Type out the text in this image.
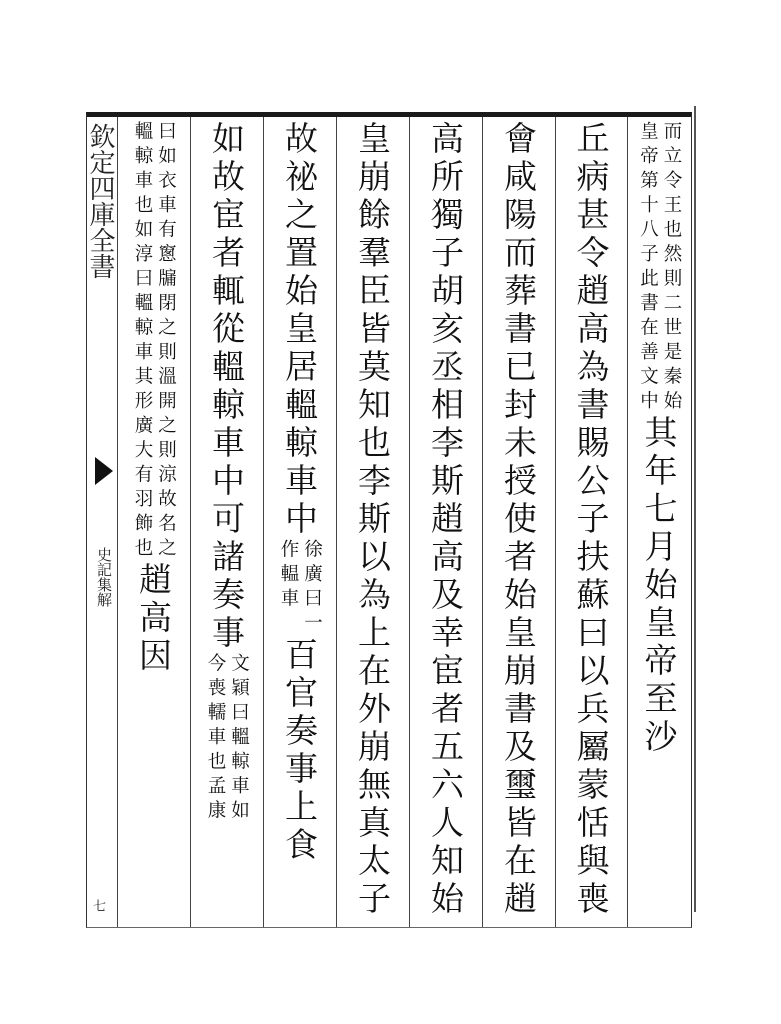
欽定四庫全書
史記集解
七
而立令王也然則二世是秦始
皇帝第十八子此書在善文中
其年七月始皇帝至沙
丘病甚令趙高為書賜公子扶蘇曰以兵屬蒙恬與喪
會咸陽而葬書已封未授使者始皇崩書及璽皆在趙
高所獨子胡亥丞相李斯趙高及幸宦者五六人知始
皇崩餘羣臣皆莫知也李斯以為上在外崩無真太子
故祕之置始皇居轀輬車中
徐廣曰一
作輼車
百官奏事上食
如故宦者輒從轀輬車中可諸奏事
文穎曰轀輬車如
今喪轜車也孟康
曰如衣車有窻牖閉之則溫開之則涼故名之
轀輬車也如淳曰轀輬車其形廣大有羽飾也
趙高因
